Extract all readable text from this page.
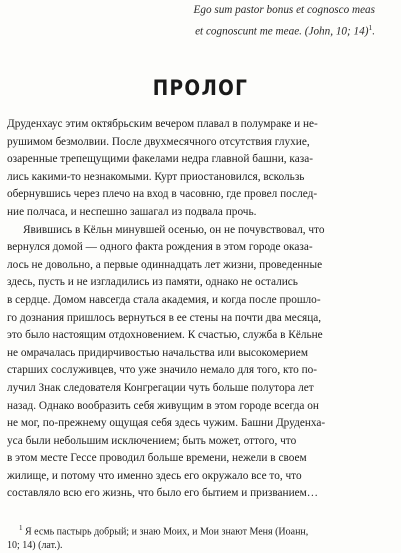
Ego sum pastor bonus et cognosco meas
et cognoscunt me meae. (John, 10; 14)$^1$.
ПРОЛОГ
Друденхаус этим октябрьским вечером плавал в полумраке и не-
рушимом безмолвии. После двухмесячного отсутствия глухие,
озаренные трепещущими факелами недра главной башни, каза-
лись какими-то незнакомыми. Курт приостановился, вскользь
обернувшись через плечо на вход в часовню, где провел послед-
ние полчаса, и неспешно зашагал из подвала прочь.
Явившись в Кёльн минувшей осенью, он не почувствовал, что
вернулся домой — одного факта рождения в этом городе оказа-
лось не довольно, а первые одиннадцать лет жизни, проведенные
здесь, пусть и не изгладились из памяти, однако не остались
в сердце. Домом навсегда стала академия, и когда после прошло-
го дознания пришлось вернуться в ее стены на почти два месяца,
это было настоящим отдохновением. К счастью, служба в Кёльне
не омрачалась придирчивостью начальства или высокомерием
старших сослуживцев, что уже значило немало для того, кто по-
лучил Знак следователя Конгрегации чуть больше полутора лет
назад. Однако вообразить себя живущим в этом городе всегда он
не мог, по-прежнему ощущая себя здесь чужим. Башни Друденха-
уса были небольшим исключением; быть может, оттого, что
в этом месте Гессе проводил больше времени, нежели в своем
жилище, и потому что именно здесь его окружало все то, что
составляло всю его жизнь, что было его бытием и призванием…
$^1$ Я есмь пастырь добрый; и знаю Моих, и Мои знают Меня (Иоанн,
10; 14) (лат.).
